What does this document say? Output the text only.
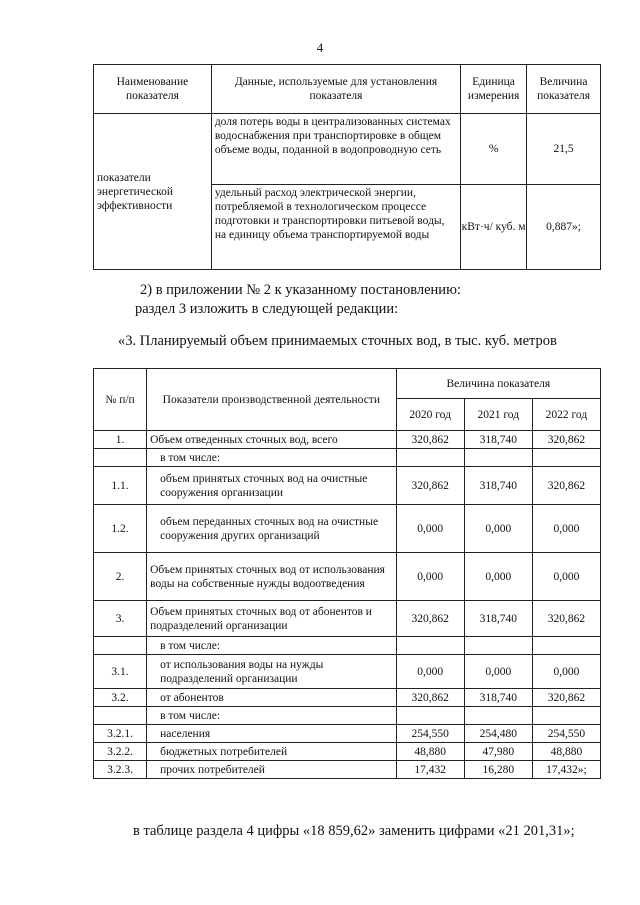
4
Наименование показателя	Данные, используемые для установления показателя	Единица измерения	Величина показателя
показатели энергетической эффективности	доля потерь воды в централизованных системах водоснабжения при транспортировке в общем объеме воды, поданной в водопроводную сеть	%	21,5
	удельный расход электрической энергии, потребляемой в технологическом процессе подготовки и транспортировки питьевой воды, на единицу объема транспортируемой воды	кВт·ч/ куб. м	0,887»;
2) в приложении № 2 к указанному постановлению:
раздел 3 изложить в следующей редакции:
«3. Планируемый объем принимаемых сточных вод, в тыс. куб. метров
№ п/п	Показатели производственной деятельности	Величина показателя		
		2020 год	2021 год	2022 год
1.	Объем отведенных сточных вод, всего	320,862	318,740	320,862
	в том числе:			
1.1.	объем принятых сточных вод на очистные сооружения организации	320,862	318,740	320,862
1.2.	объем переданных сточных вод на очистные сооружения других организаций	0,000	0,000	0,000
2.	Объем принятых сточных вод от использования воды на собственные нужды водоотведения	0,000	0,000	0,000
3.	Объем принятых сточных вод от абонентов и подразделений организации	320,862	318,740	320,862
	в том числе:			
3.1.	от использования воды на нужды подразделений организации	0,000	0,000	0,000
3.2.	от абонентов	320,862	318,740	320,862
	в том числе:			
3.2.1.	населения	254,550	254,480	254,550
3.2.2.	бюджетных потребителей	48,880	47,980	48,880
3.2.3.	прочих потребителей	17,432	16,280	17,432»;
в таблице раздела 4 цифры «18 859,62» заменить цифрами «21 201,31»;
